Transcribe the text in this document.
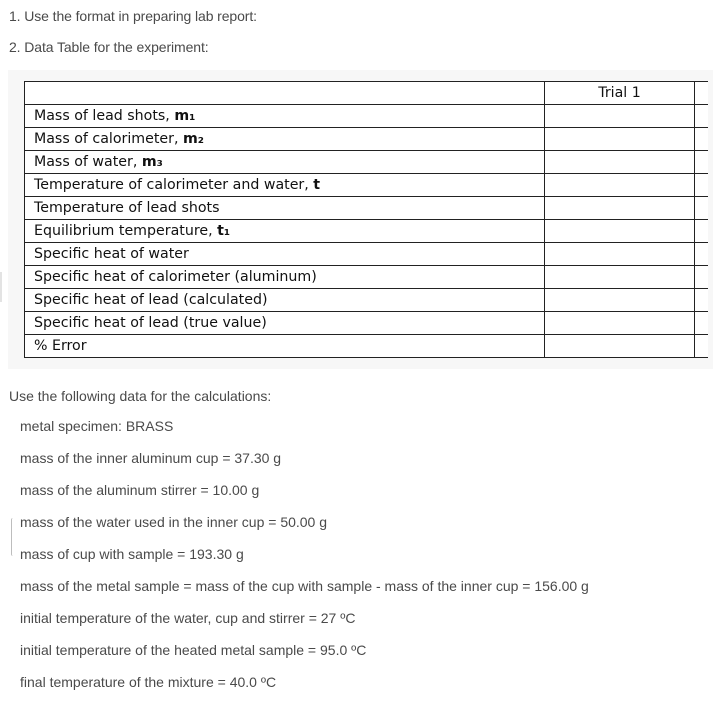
1. Use the format in preparing lab report:
2. Data Table for the experiment:
	Trial 1	
Mass of lead shots, m₁		
Mass of calorimeter, m₂		
Mass of water, m₃		
Temperature of calorimeter and water, t		
Temperature of lead shots		
Equilibrium temperature, t₁		
Specific heat of water		
Specific heat of calorimeter (aluminum)		
Specific heat of lead (calculated)		
Specific heat of lead (true value)		
% Error		
Use the following data for the calculations:
metal specimen: BRASS
mass of the inner aluminum cup = 37.30 g
mass of the aluminum stirrer = 10.00 g
mass of the water used in the inner cup = 50.00 g
mass of cup with sample = 193.30 g
mass of the metal sample = mass of the cup with sample - mass of the inner cup = 156.00 g
initial temperature of the water, cup and stirrer = 27 ºC
initial temperature of the heated metal sample = 95.0 ºC
final temperature of the mixture = 40.0 ºC
